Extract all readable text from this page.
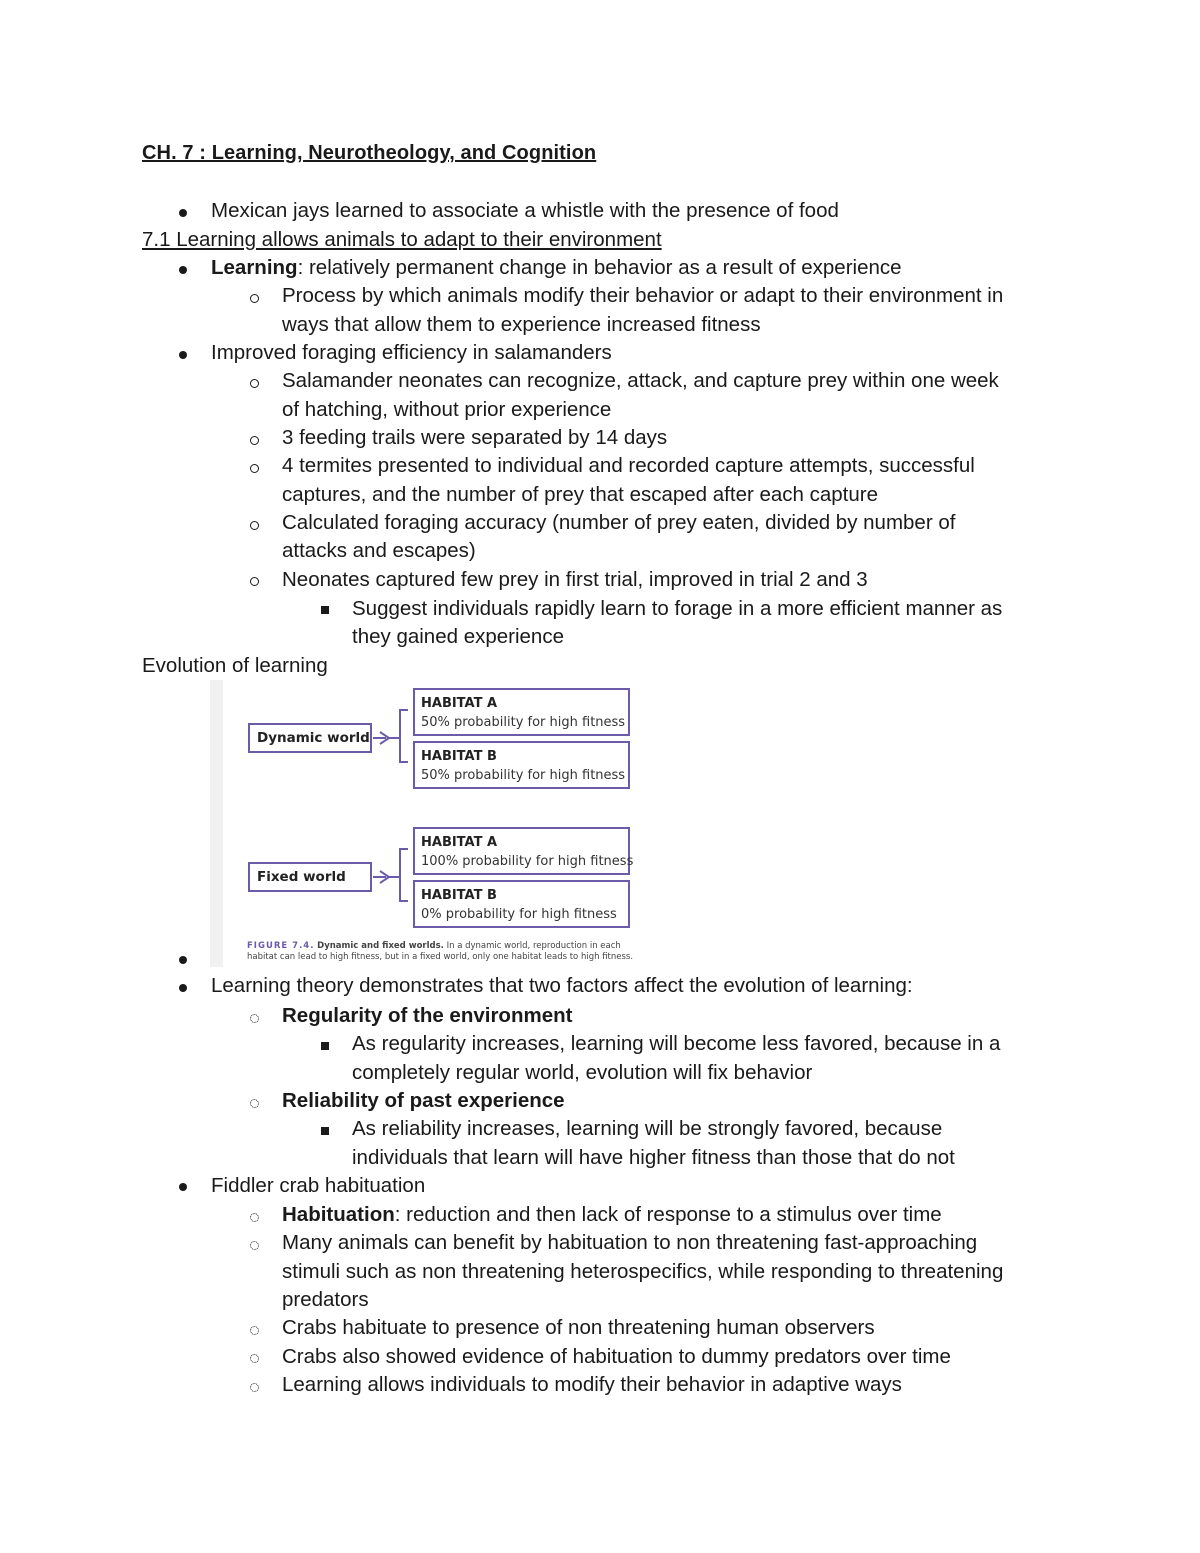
CH. 7 : Learning, Neurotheology, and Cognition
Mexican jays learned to associate a whistle with the presence of food
7.1 Learning allows animals to adapt to their environment
Learning: relatively permanent change in behavior as a result of experience
Process by which animals modify their behavior or adapt to their environment in
ways that allow them to experience increased fitness
Improved foraging efficiency in salamanders
Salamander neonates can recognize, attack, and capture prey within one week
of hatching, without prior experience
3 feeding trails were separated by 14 days
4 termites presented to individual and recorded capture attempts, successful
captures, and the number of prey that escaped after each capture
Calculated foraging accuracy (number of prey eaten, divided by number of
attacks and escapes)
Neonates captured few prey in first trial, improved in trial 2 and 3
Suggest individuals rapidly learn to forage in a more efficient manner as
they gained experience
Evolution of learning
Dynamic world
Fixed world
HABITAT A
50% probability for high fitness
HABITAT B
50% probability for high fitness
HABITAT A
100% probability for high fitness
HABITAT B
0% probability for high fitness
FIGURE 7.4. Dynamic and fixed worlds. In a dynamic world, reproduction in each
habitat can lead to high fitness, but in a fixed world, only one habitat leads to high fitness.
Learning theory demonstrates that two factors affect the evolution of learning:
Regularity of the environment
As regularity increases, learning will become less favored, because in a
completely regular world, evolution will fix behavior
Reliability of past experience
As reliability increases, learning will be strongly favored, because
individuals that learn will have higher fitness than those that do not
Fiddler crab habituation
Habituation: reduction and then lack of response to a stimulus over time
Many animals can benefit by habituation to non threatening fast-approaching
stimuli such as non threatening heterospecifics, while responding to threatening
predators
Crabs habituate to presence of non threatening human observers
Crabs also showed evidence of habituation to dummy predators over time
Learning allows individuals to modify their behavior in adaptive ways
